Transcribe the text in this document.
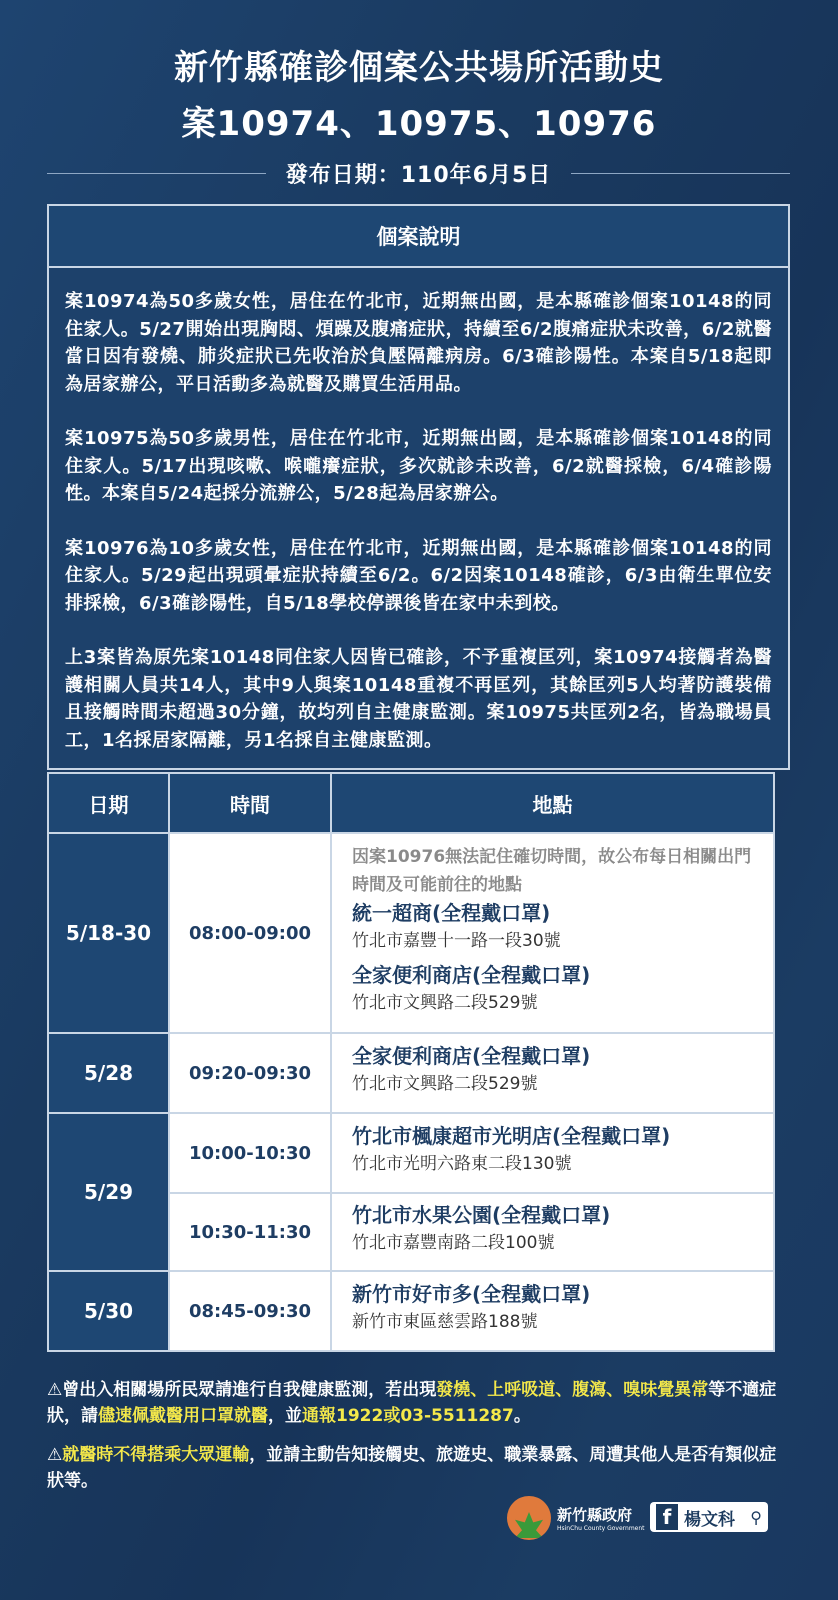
新竹縣確診個案公共場所活動史
案10974、10975、10976
發布日期：110年6月5日
個案說明

案10974為50多歲女性，居住在竹北市，近期無出國，是本縣確診個案10148的同住家人。5/27開始出現胸悶、煩躁及腹痛症狀，持續至6/2腹痛症狀未改善，6/2就醫當日因有發燒、肺炎症狀已先收治於負壓隔離病房。6/3確診陽性。本案自5/18起即為居家辦公，平日活動多為就醫及購買生活用品。

案10975為50多歲男性，居住在竹北市，近期無出國，是本縣確診個案10148的同住家人。5/17出現咳嗽、喉嚨癢症狀，多次就診未改善，6/2就醫採檢，6/4確診陽性。本案自5/24起採分流辦公，5/28起為居家辦公。

案10976為10多歲女性，居住在竹北市，近期無出國，是本縣確診個案10148的同住家人。5/29起出現頭暈症狀持續至6/2。6/2因案10148確診，6/3由衛生單位安排採檢，6/3確診陽性，自5/18學校停課後皆在家中未到校。

上3案皆為原先案10148同住家人因皆已確診，不予重複匡列，案10974接觸者為醫護相關人員共14人，其中9人與案10148重複不再匡列，其餘匡列5人均著防護裝備且接觸時間未超過30分鐘，故均列自主健康監測。案10975共匡列2名，皆為職場員工，1名採居家隔離，另1名採自主健康監測。

日期	時間	地點
5/18-30	08:00-09:00	因案10976無法記住確切時間，故公布每日相關出門時間及可能前往的地點
統一超商(全程戴口罩)
竹北市嘉豐十一路一段30號
全家便利商店(全程戴口罩)
竹北市文興路二段529號

5/28	09:20-09:30	全家便利商店(全程戴口罩)
竹北市文興路二段529號

5/29	10:00-10:30	竹北市楓康超市光明店(全程戴口罩)
竹北市光明六路東二段130號

	10:30-11:30	竹北市水果公園(全程戴口罩)
竹北市嘉豐南路二段100號

5/30	08:45-09:30	新竹市好市多(全程戴口罩)
新竹市東區慈雲路188號
⚠曾出入相關場所民眾請進行自我健康監測，若出現發燒、上呼吸道、腹瀉、嗅味覺異常等不適症狀，請儘速佩戴醫用口罩就醫，並通報1922或03-5511287。
⚠就醫時不得搭乘大眾運輸，並請主動告知接觸史、旅遊史、職業暴露、周遭其他人是否有類似症狀等。
新竹縣政府
HsinChu County Government f 楊文科 ⚲
